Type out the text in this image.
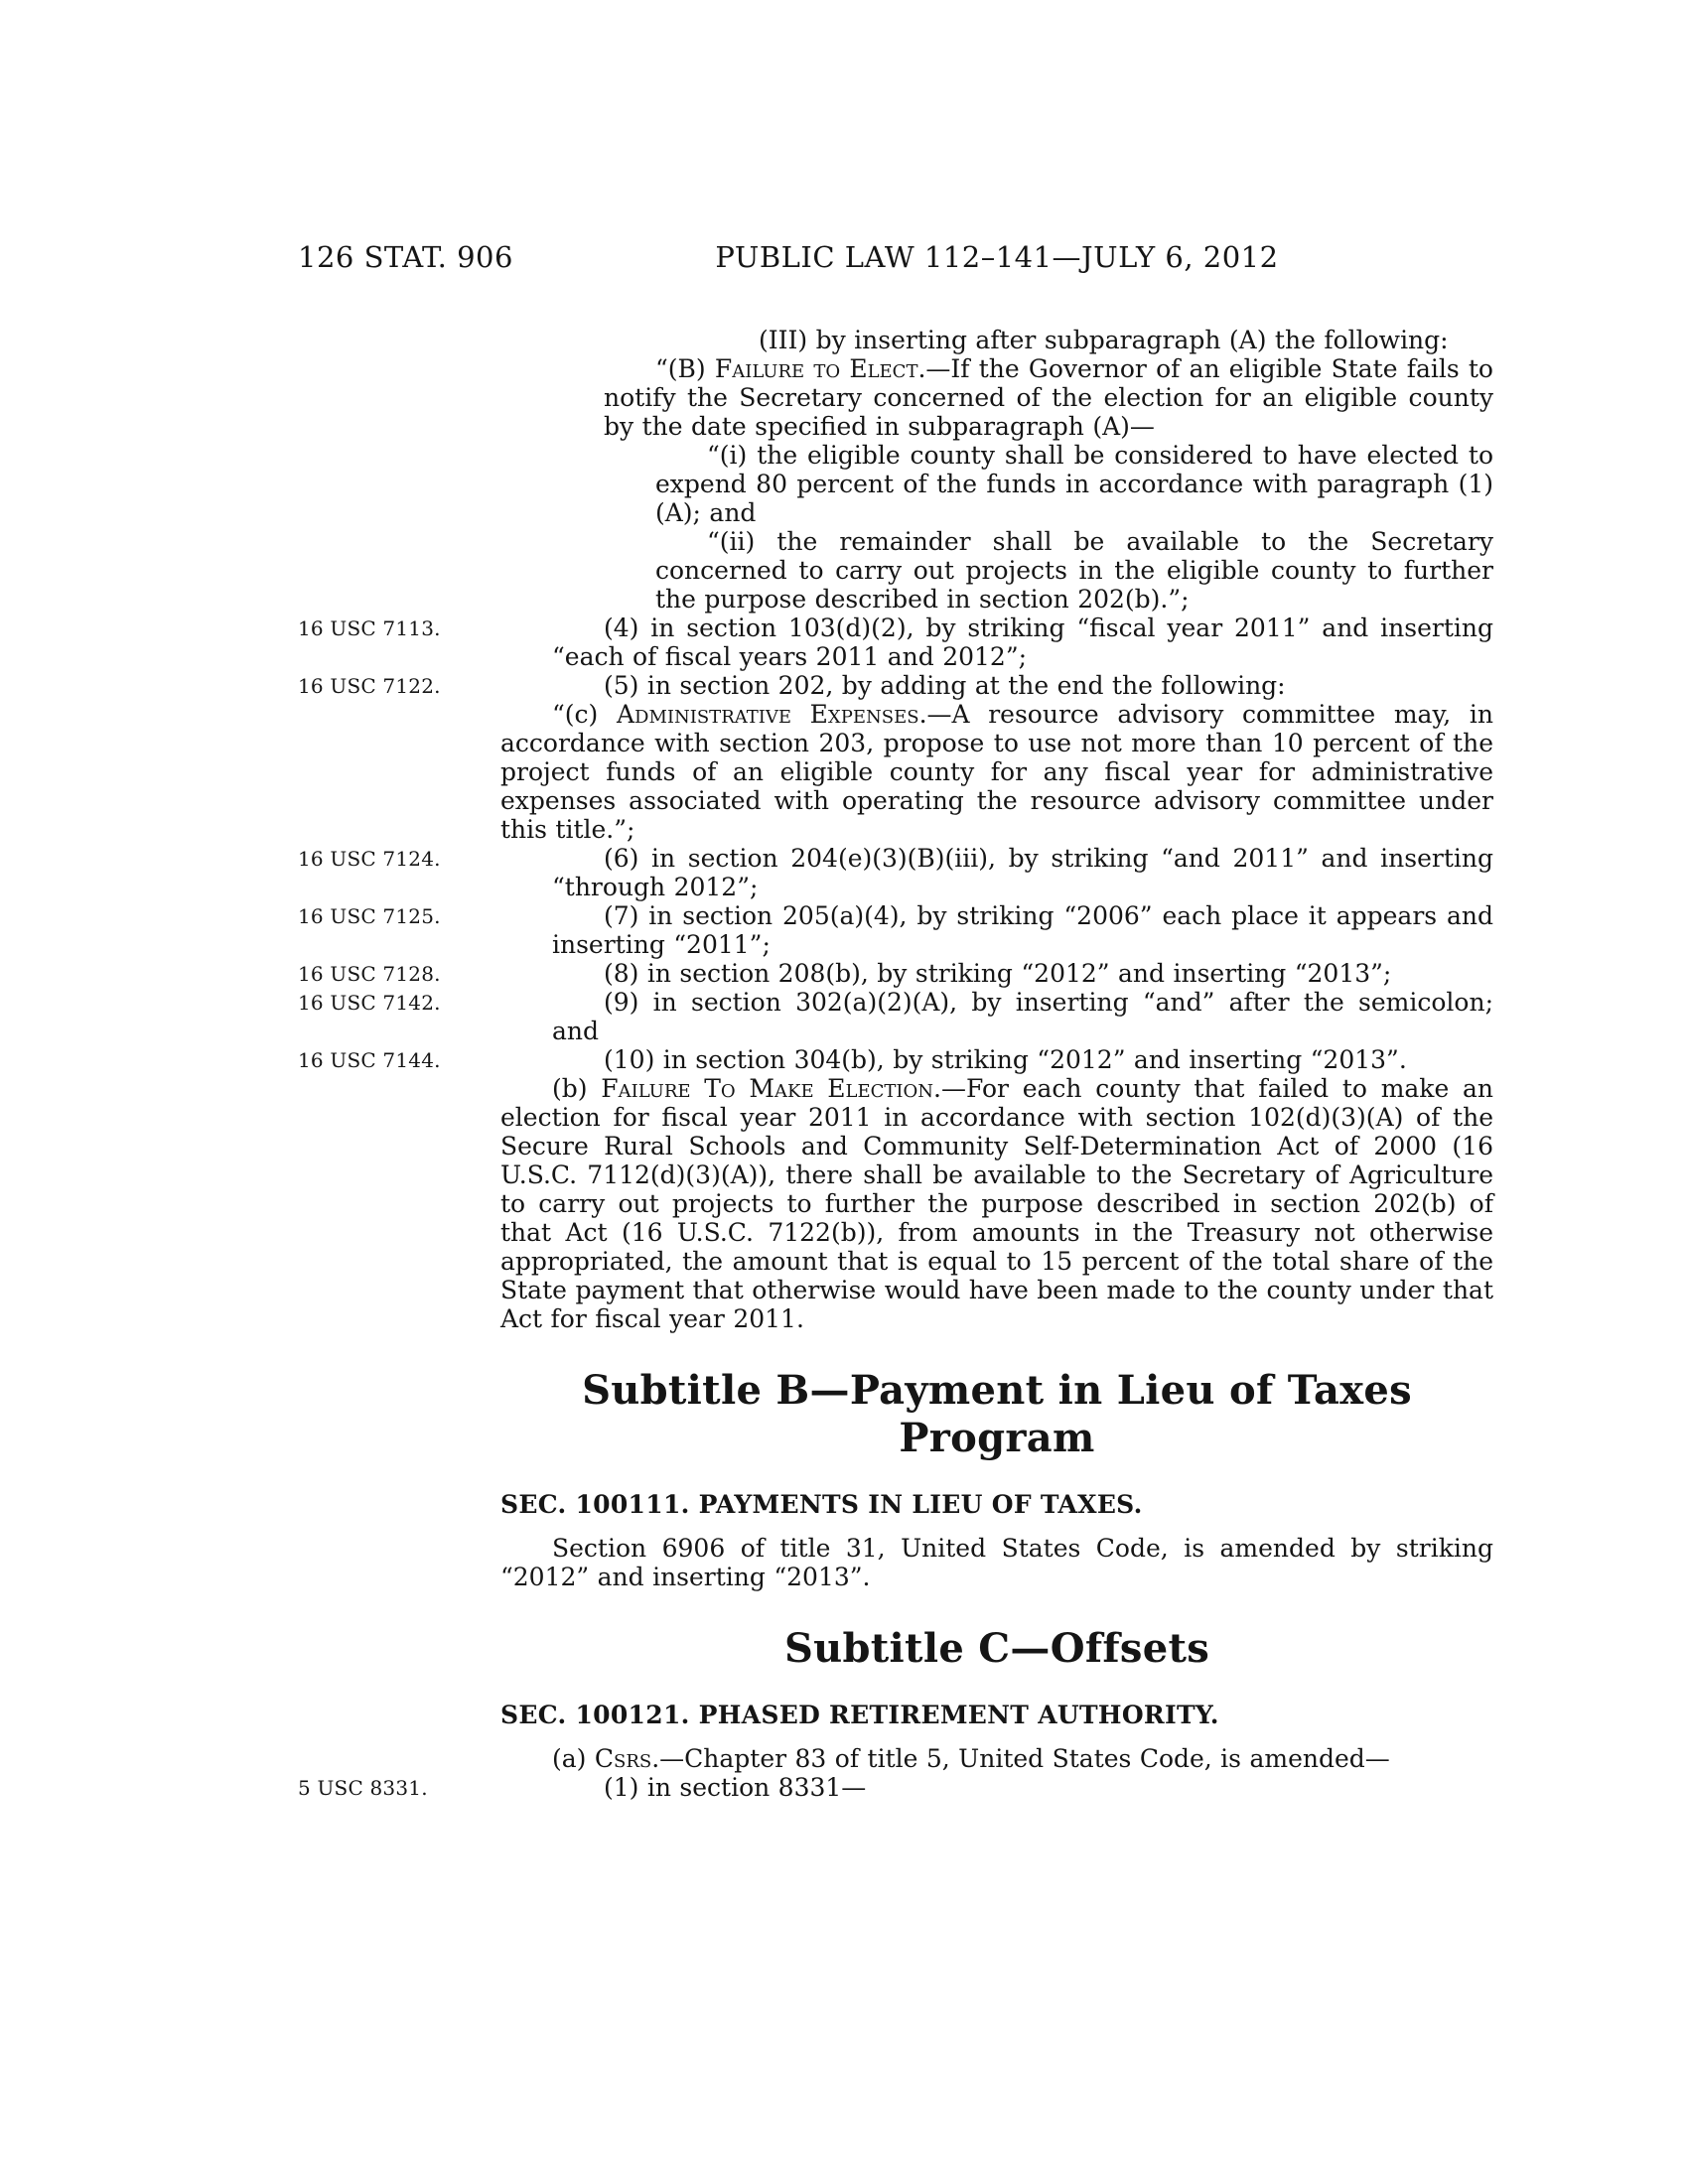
126 STAT. 906	PUBLIC LAW 112–141—JULY 6, 2012

(III) by inserting after subparagraph (A) the following:

“(B) Failure to Elect.—If the Governor of an eligible State fails to notify the Secretary concerned of the election for an eligible county by the date specified in subparagraph (A)—

“(i) the eligible county shall be considered to have elected to expend 80 percent of the funds in accordance with paragraph (1)(A); and

“(ii) the remainder shall be available to the Secretary concerned to carry out projects in the eligible county to further the purpose described in section 202(b).”;

16 USC 7113.	(4) in section 103(d)(2), by striking “fiscal year 2011” and inserting “each of fiscal years 2011 and 2012”;

16 USC 7122.	(5) in section 202, by adding at the end the following:

“(c) Administrative Expenses.—A resource advisory committee may, in accordance with section 203, propose to use not more than 10 percent of the project funds of an eligible county for any fiscal year for administrative expenses associated with operating the resource advisory committee under this title.”;

16 USC 7124.	(6) in section 204(e)(3)(B)(iii), by striking “and 2011” and inserting “through 2012”;

16 USC 7125.	(7) in section 205(a)(4), by striking “2006” each place it appears and inserting “2011”;

16 USC 7128.	(8) in section 208(b), by striking “2012” and inserting “2013”;

16 USC 7142.	(9) in section 302(a)(2)(A), by inserting “and” after the semicolon; and

16 USC 7144.	(10) in section 304(b), by striking “2012” and inserting “2013”.

(b) Failure To Make Election.—For each county that failed to make an election for fiscal year 2011 in accordance with section 102(d)(3)(A) of the Secure Rural Schools and Community Self-Determination Act of 2000 (16 U.S.C. 7112(d)(3)(A)), there shall be available to the Secretary of Agriculture to carry out projects to further the purpose described in section 202(b) of that Act (16 U.S.C. 7122(b)), from amounts in the Treasury not otherwise appropriated, the amount that is equal to 15 percent of the total share of the State payment that otherwise would have been made to the county under that Act for fiscal year 2011.

Subtitle B—Payment in Lieu of Taxes Program
SEC. 100111. PAYMENTS IN LIEU OF TAXES.

Section 6906 of title 31, United States Code, is amended by striking “2012” and inserting “2013”.

Subtitle C—Offsets
SEC. 100121. PHASED RETIREMENT AUTHORITY.

(a) Csrs.—Chapter 83 of title 5, United States Code, is amended—

5 USC 8331.	(1) in section 8331—
